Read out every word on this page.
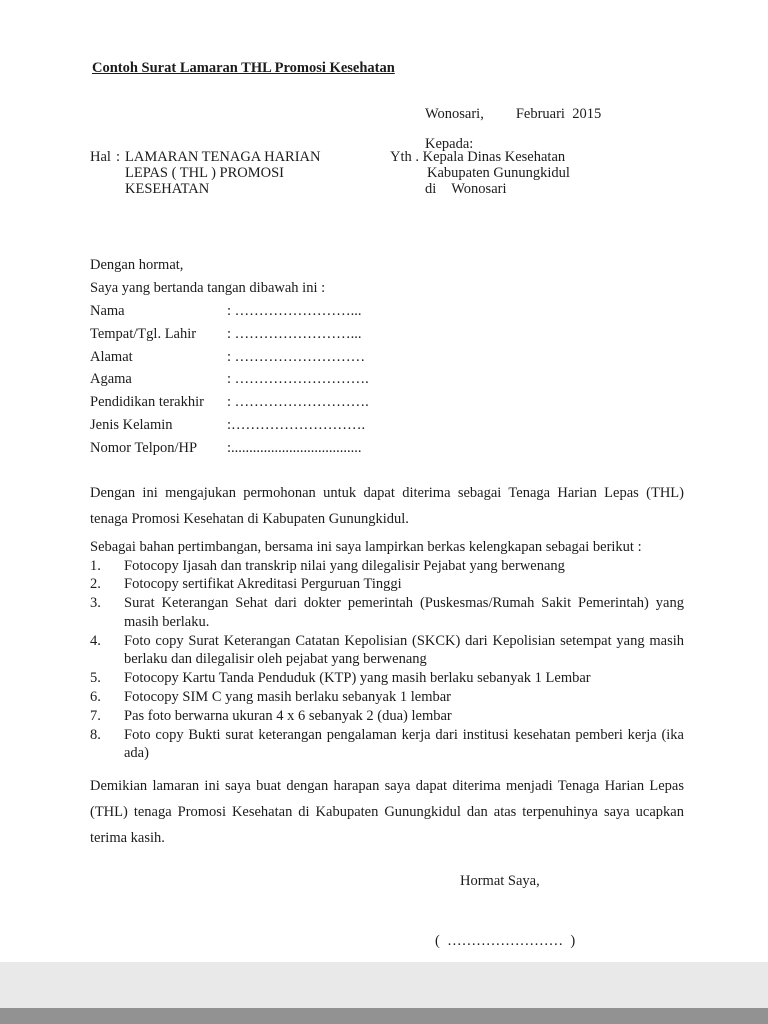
Contoh Surat Lamaran THL Promosi Kesehatan
Wonosari, Februari  2015
Kepada:
Hal : LAMARAN TENAGA HARIAN
LEPAS ( THL ) PROMOSI
KESEHATAN
Yth . Kepala Dinas Kesehatan
Kabupaten Gunungkidul
di Wonosari
Dengan hormat,
Saya yang bertanda tangan dibawah ini :
Nama	: ……………………...
Tempat/Tgl. Lahir : ……………………...
Alamat	: ………………………
Agama	: ……………………….
Pendidikan terakhir : ……………………….
Jenis Kelamin	:……………………….
Nomor Telpon/HP :....................................

Dengan ini mengajukan permohonan untuk dapat diterima sebagai Tenaga Harian Lepas (THL) tenaga Promosi Kesehatan di Kabupaten Gunungkidul.

Sebagai bahan pertimbangan, bersama ini saya lampirkan berkas kelengkapan sebagai berikut :
1. Fotocopy Ijasah dan transkrip nilai yang dilegalisir Pejabat yang berwenang
2. Fotocopy sertifikat Akreditasi Perguruan Tinggi
3. Surat Keterangan Sehat dari dokter pemerintah (Puskesmas/Rumah Sakit Pemerintah) yang masih berlaku.
4. Foto copy Surat Keterangan Catatan Kepolisian (SKCK) dari Kepolisian setempat yang masih berlaku dan dilegalisir oleh pejabat yang berwenang
5. Fotocopy Kartu Tanda Penduduk (KTP) yang masih berlaku sebanyak 1 Lembar
6. Fotocopy SIM C yang masih berlaku sebanyak 1 lembar
7. Pas foto berwarna ukuran 4 x 6 sebanyak 2 (dua) lembar
8. Foto copy Bukti surat keterangan pengalaman kerja dari institusi kesehatan pemberi kerja (ika ada)

Demikian lamaran ini saya buat dengan harapan saya dapat diterima menjadi Tenaga Harian Lepas (THL) tenaga Promosi Kesehatan di Kabupaten Gunungkidul dan atas terpenuhinya saya ucapkan terima kasih.

Hormat Saya,
(  ……………………  )
